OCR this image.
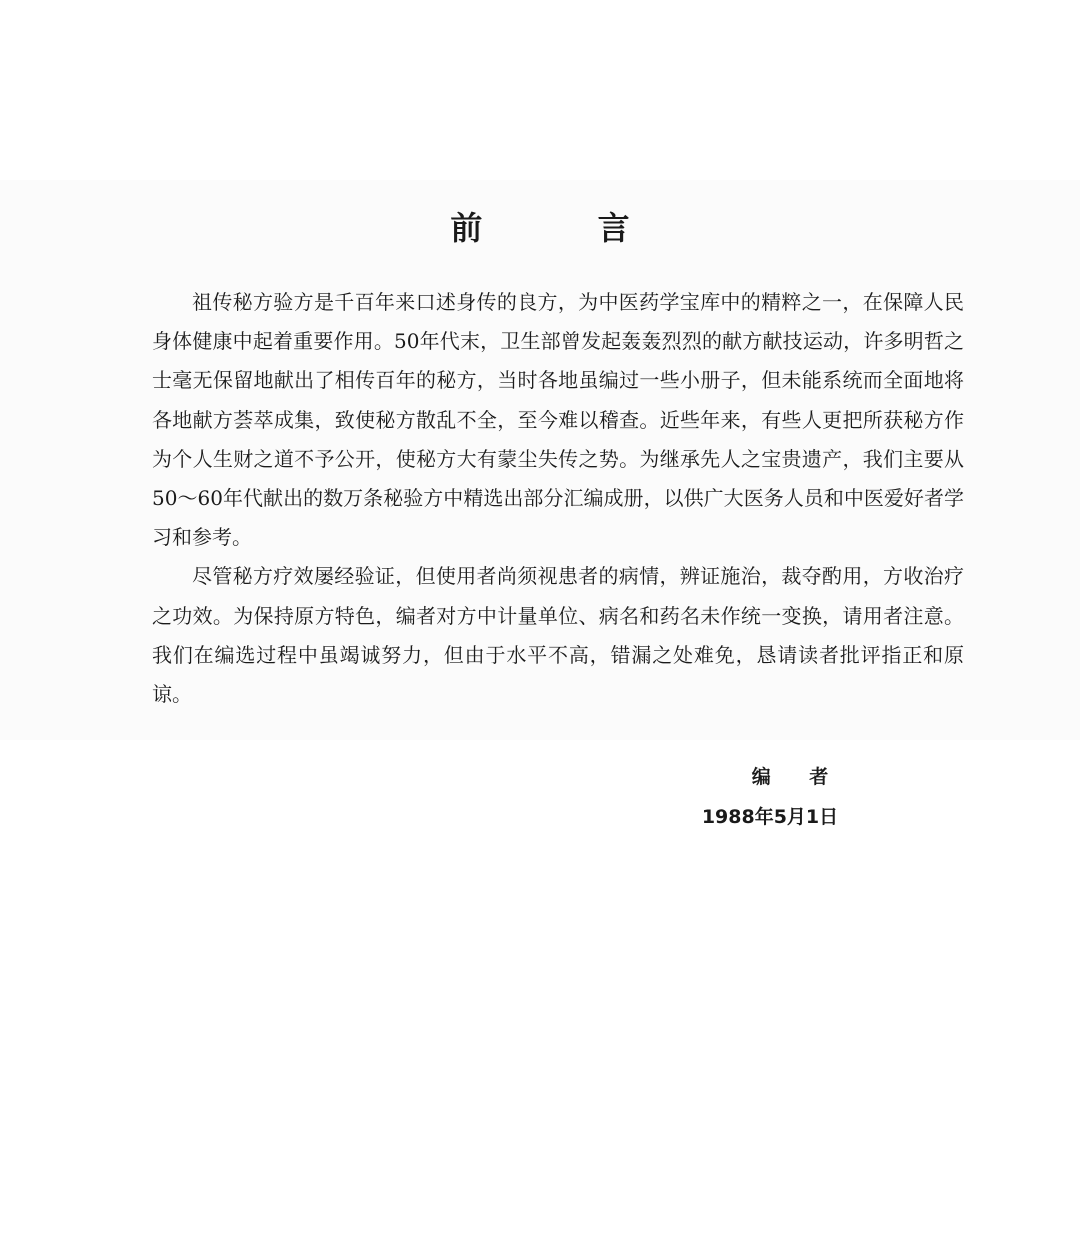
前 言

祖传秘方验方是千百年来口述身传的良方，为中医药学宝库中的精粹之一，在保障人民身体健康中起着重要作用。50年代末，卫生部曾发起轰轰烈烈的献方献技运动，许多明哲之士毫无保留地献出了相传百年的秘方，当时各地虽编过一些小册子，但未能系统而全面地将各地献方荟萃成集，致使秘方散乱不全，至今难以稽查。近些年来，有些人更把所获秘方作为个人生财之道不予公开，使秘方大有蒙尘失传之势。为继承先人之宝贵遗产，我们主要从50～60年代献出的数万条秘验方中精选出部分汇编成册，以供广大医务人员和中医爱好者学习和参考。

尽管秘方疗效屡经验证，但使用者尚须视患者的病情，辨证施治，裁夺酌用，方收治疗之功效。为保持原方特色，编者对方中计量单位、病名和药名未作统一变换，请用者注意。我们在编选过程中虽竭诚努力，但由于水平不高，错漏之处难免，恳请读者批评指正和原谅。

编 者
1988年5月1日
